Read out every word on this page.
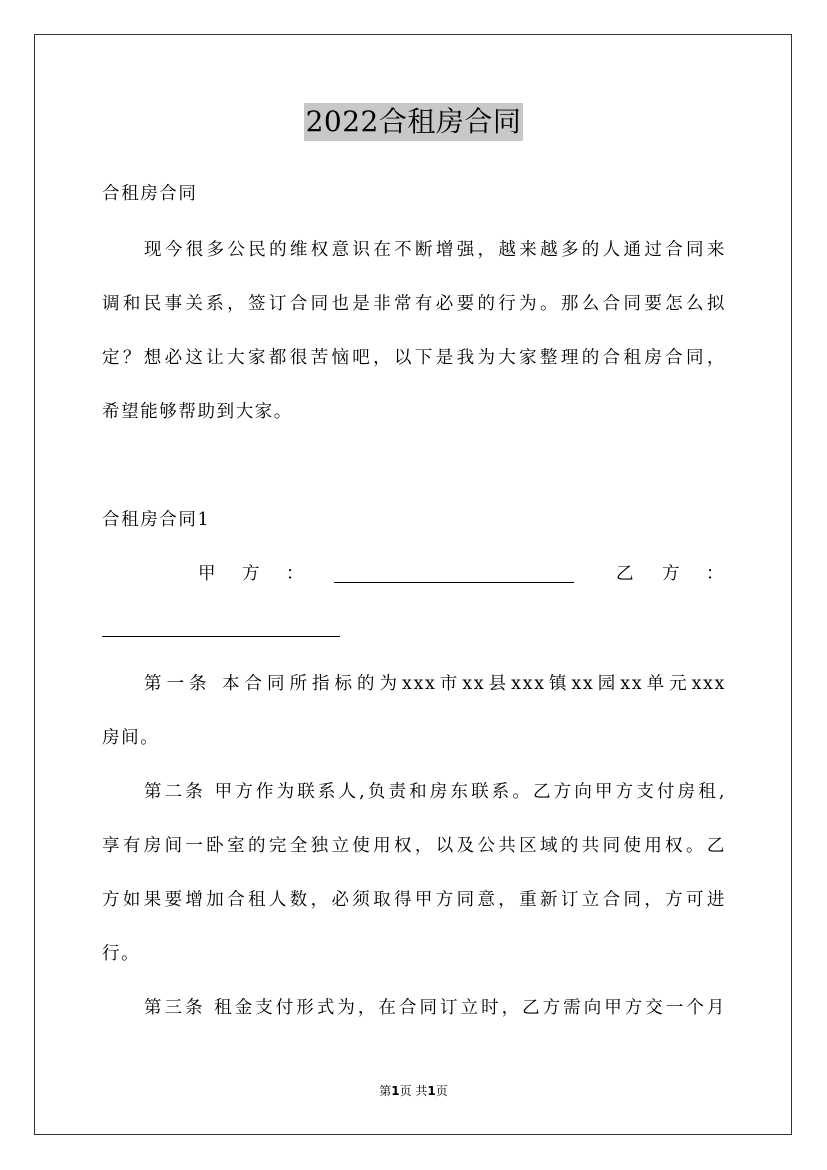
2022合租房合同
合租房合同
现今很多公民的维权意识在不断增强，越来越多的人通过合同来
调和民事关系，签订合同也是非常有必要的行为。那么合同要怎么拟
定？想必这让大家都很苦恼吧，以下是我为大家整理的合租房合同，
希望能够帮助到大家。
合租房合同1
甲 方 ：	乙 方 ：
第一条 本合同所指标的为xxx市xx县xxx镇xx园xx单元xxx
房间。
第二条 甲方作为联系人,负责和房东联系。乙方向甲方支付房租,
享有房间一卧室的完全独立使用权，以及公共区域的共同使用权。乙
方如果要增加合租人数，必须取得甲方同意，重新订立合同，方可进
行。
第三条 租金支付形式为，在合同订立时，乙方需向甲方交一个月
第1页 共1页
